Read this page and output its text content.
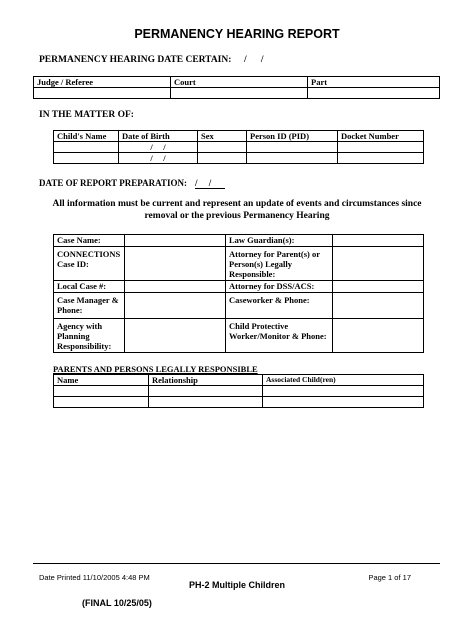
PERMANENCY HEARING REPORT
PERMANENCY HEARING DATE CERTAIN: /      /
Judge / Referee	Court	Part

IN THE MATTER OF:
Child's Name	Date of Birth	Sex	Person ID (PID)	Docket Number
	/     /			
	/     /			
DATE OF REPORT PREPARATION: /     /
All information must be current and represent an update of events and circumstances since
removal or the previous Permanency Hearing
Case Name:		Law Guardian(s):	
CONNECTIONS Case ID:		Attorney for Parent(s) or Person(s) Legally Responsible:	
Local Case #:		Attorney for DSS/ACS:	
Case Manager & Phone:		Caseworker & Phone:	
Agency with Planning Responsibility:		Child Protective Worker/Monitor & Phone:	
PARENTS AND PERSONS LEGALLY RESPONSIBLE
Name	Relationship	Associated Child(ren)

Date Printed 11/10/2005 4:48 PM	Page 1 of 17
PH-2 Multiple Children
(FINAL 10/25/05)
